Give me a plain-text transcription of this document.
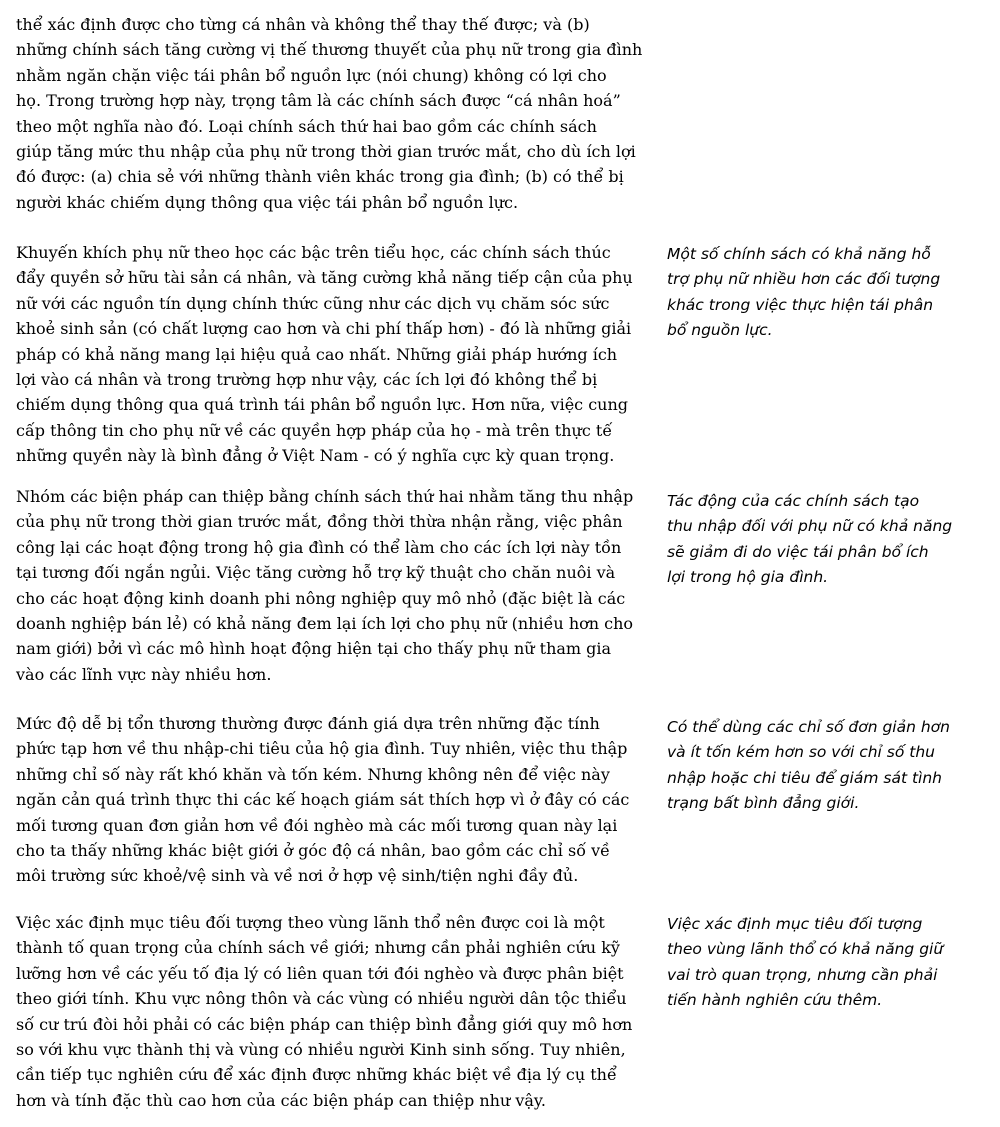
thể xác định được cho từng cá nhân và không thể thay thế được; và (b)
những chính sách tăng cường vị thế thương thuyết của phụ nữ trong gia đình
nhằm ngăn chặn việc tái phân bổ nguồn lực (nói chung) không có lợi cho
họ. Trong trường hợp này, trọng tâm là các chính sách được “cá nhân hoá”
theo một nghĩa nào đó. Loại chính sách thứ hai bao gồm các chính sách
giúp tăng mức thu nhập của phụ nữ trong thời gian trước mắt, cho dù ích lợi
đó được: (a) chia sẻ với những thành viên khác trong gia đình; (b) có thể bị
người khác chiếm dụng thông qua việc tái phân bổ nguồn lực.

Khuyến khích phụ nữ theo học các bậc trên tiểu học, các chính sách thúc
đẩy quyền sở hữu tài sản cá nhân, và tăng cường khả năng tiếp cận của phụ
nữ với các nguồn tín dụng chính thức cũng như các dịch vụ chăm sóc sức
khoẻ sinh sản (có chất lượng cao hơn và chi phí thấp hơn) - đó là những giải
pháp có khả năng mang lại hiệu quả cao nhất. Những giải pháp hướng ích
lợi vào cá nhân và trong trường hợp như vậy, các ích lợi đó không thể bị
chiếm dụng thông qua quá trình tái phân bổ nguồn lực. Hơn nữa, việc cung
cấp thông tin cho phụ nữ về các quyền hợp pháp của họ - mà trên thực tế
những quyền này là bình đẳng ở Việt Nam - có ý nghĩa cực kỳ quan trọng.

Một số chính sách có khả năng hỗ
trợ phụ nữ nhiều hơn các đối tượng
khác trong việc thực hiện tái phân
bổ nguồn lực.

Nhóm các biện pháp can thiệp bằng chính sách thứ hai nhằm tăng thu nhập
của phụ nữ trong thời gian trước mắt, đồng thời thừa nhận rằng, việc phân
công lại các hoạt động trong hộ gia đình có thể làm cho các ích lợi này tồn
tại tương đối ngắn ngủi. Việc tăng cường hỗ trợ kỹ thuật cho chăn nuôi và
cho các hoạt động kinh doanh phi nông nghiệp quy mô nhỏ (đặc biệt là các
doanh nghiệp bán lẻ) có khả năng đem lại ích lợi cho phụ nữ (nhiều hơn cho
nam giới) bởi vì các mô hình hoạt động hiện tại cho thấy phụ nữ tham gia
vào các lĩnh vực này nhiều hơn.

Tác động của các chính sách tạo
thu nhập đối với phụ nữ có khả năng
sẽ giảm đi do việc tái phân bổ ích
lợi trong hộ gia đình.

Mức độ dễ bị tổn thương thường được đánh giá dựa trên những đặc tính
phức tạp hơn về thu nhập-chi tiêu của hộ gia đình. Tuy nhiên, việc thu thập
những chỉ số này rất khó khăn và tốn kém. Nhưng không nên để việc này
ngăn cản quá trình thực thi các kế hoạch giám sát thích hợp vì ở đây có các
mối tương quan đơn giản hơn về đói nghèo mà các mối tương quan này lại
cho ta thấy những khác biệt giới ở góc độ cá nhân, bao gồm các chỉ số về
môi trường sức khoẻ/vệ sinh và về nơi ở hợp vệ sinh/tiện nghi đầy đủ.

Có thể dùng các chỉ số đơn giản hơn
và ít tốn kém hơn so với chỉ số thu
nhập hoặc chi tiêu để giám sát tình
trạng bất bình đẳng giới.

Việc xác định mục tiêu đối tượng theo vùng lãnh thổ nên được coi là một
thành tố quan trọng của chính sách về giới; nhưng cần phải nghiên cứu kỹ
lưỡng hơn về các yếu tố địa lý có liên quan tới đói nghèo và được phân biệt
theo giới tính. Khu vực nông thôn và các vùng có nhiều người dân tộc thiểu
số cư trú đòi hỏi phải có các biện pháp can thiệp bình đẳng giới quy mô hơn
so với khu vực thành thị và vùng có nhiều người Kinh sinh sống. Tuy nhiên,
cần tiếp tục nghiên cứu để xác định được những khác biệt về địa lý cụ thể
hơn và tính đặc thù cao hơn của các biện pháp can thiệp như vậy.

Việc xác định mục tiêu đối tượng
theo vùng lãnh thổ có khả năng giữ
vai trò quan trọng, nhưng cần phải
tiến hành nghiên cứu thêm.
